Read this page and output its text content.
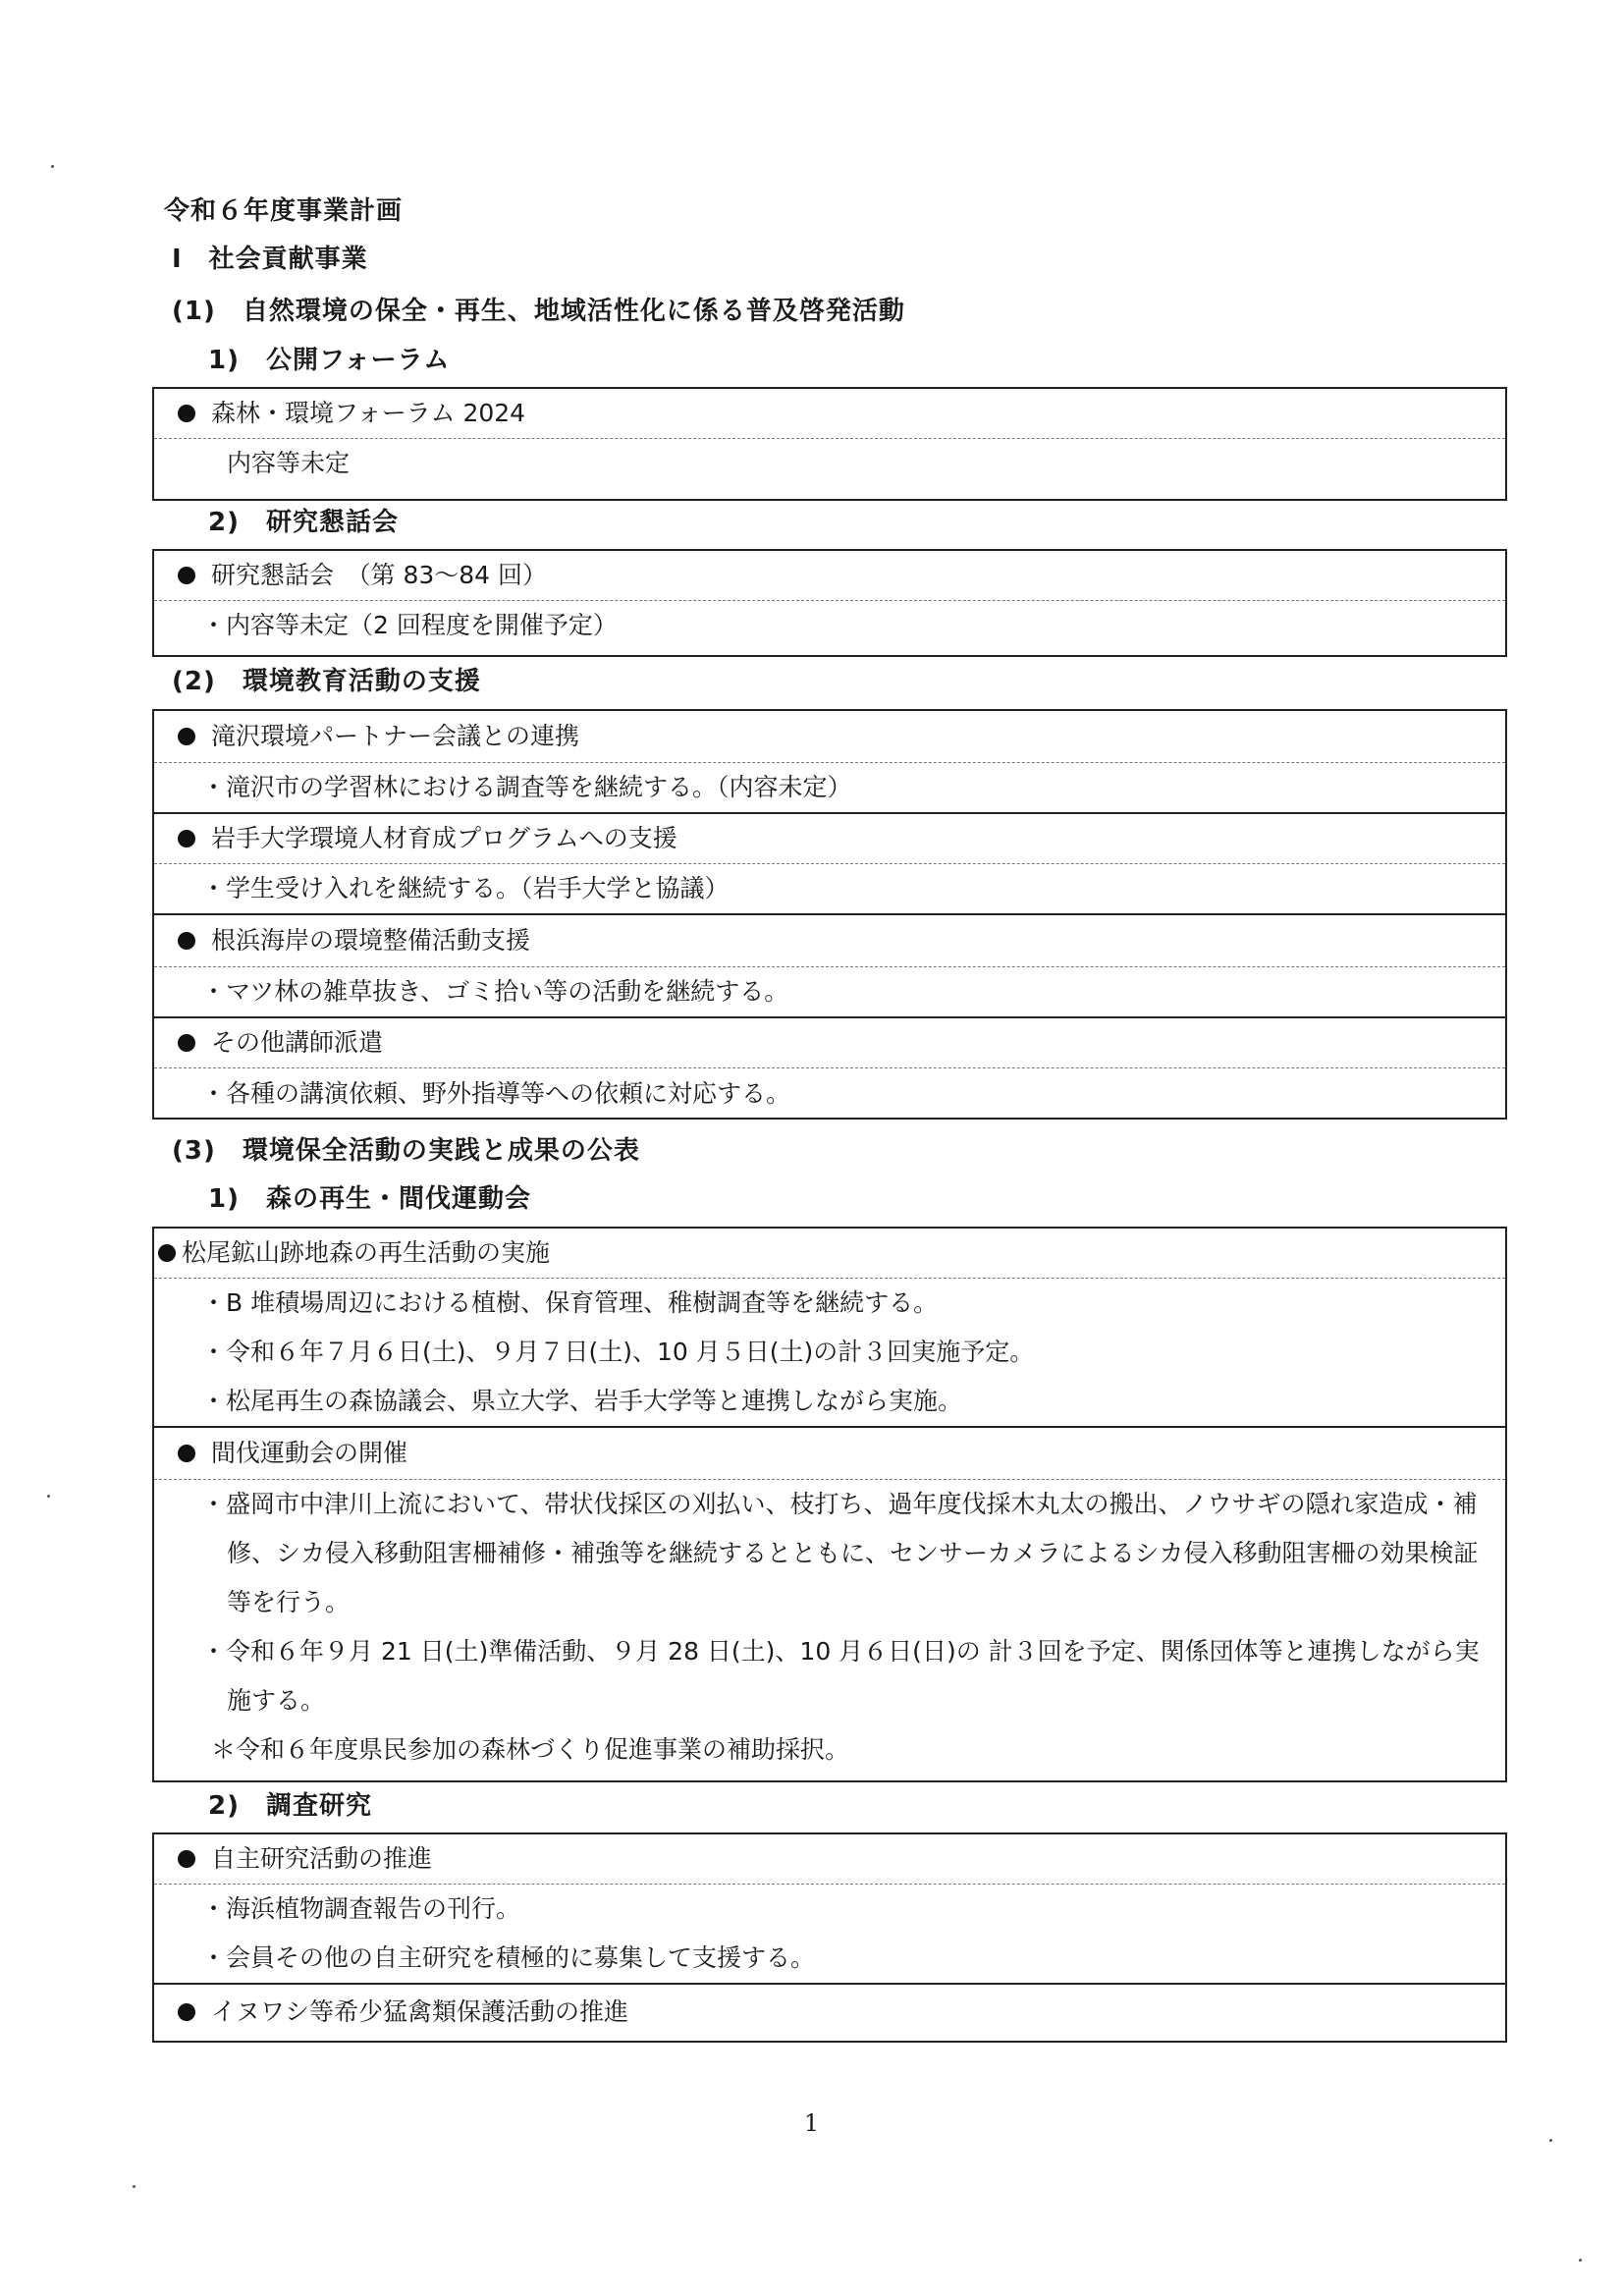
令和６年度事業計画
Ⅰ　社会貢献事業
(1)　自然環境の保全・再生、地域活性化に係る普及啓発活動
1)　公開フォーラム
森林・環境フォーラム 2024
内容等未定
2)　研究懇話会
研究懇話会　（第 83～84 回）
・内容等未定（2 回程度を開催予定）
(2)　環境教育活動の支援
滝沢環境パートナー会議との連携
・滝沢市の学習林における調査等を継続する。（内容未定）
岩手大学環境人材育成プログラムへの支援
・学生受け入れを継続する。（岩手大学と協議）
根浜海岸の環境整備活動支援
・マツ林の雑草抜き、ゴミ拾い等の活動を継続する。
その他講師派遣
・各種の講演依頼、野外指導等への依頼に対応する。
(3)　環境保全活動の実践と成果の公表
1)　森の再生・間伐運動会
松尾鉱山跡地森の再生活動の実施
・B 堆積場周辺における植樹、保育管理、稚樹調査等を継続する。
・令和６年７月６日(土)、９月７日(土)、10 月５日(土)の計３回実施予定。
・松尾再生の森協議会、県立大学、岩手大学等と連携しながら実施。
間伐運動会の開催
・盛岡市中津川上流において、帯状伐採区の刈払い、枝打ち、過年度伐採木丸太の搬出、ノウサギの隠れ家造成・補修、シカ侵入移動阻害柵補修・補強等を継続するとともに、センサーカメラによるシカ侵入移動阻害柵の効果検証等を行う。
・令和６年９月 21 日(土)準備活動、９月 28 日(土)、10 月６日(日)の 計３回を予定、関係団体等と連携しながら実施する。
＊令和６年度県民参加の森林づくり促進事業の補助採択。
2)　調査研究
自主研究活動の推進
・海浜植物調査報告の刊行。
・会員その他の自主研究を積極的に募集して支援する。
イヌワシ等希少猛禽類保護活動の推進
1
